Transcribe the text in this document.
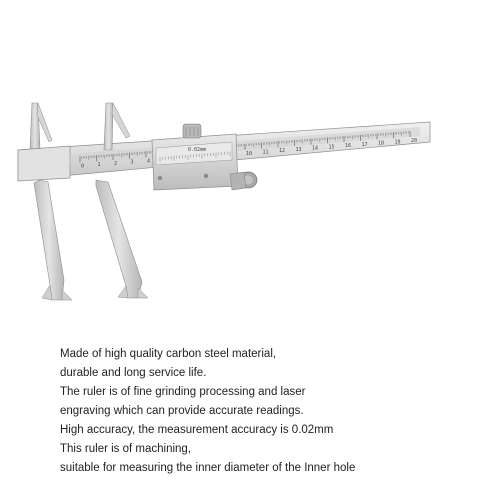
0	1	2	3	4
10 11 12 13 14 15 16 17 18 19 20
0.02mm
Made of high quality carbon steel material,
durable and long service life.
The ruler is of fine grinding processing and laser
engraving which can provide accurate readings.
High accuracy, the measurement accuracy is 0.02mm
This ruler is of machining,
suitable for measuring the inner diameter of the Inner hole
